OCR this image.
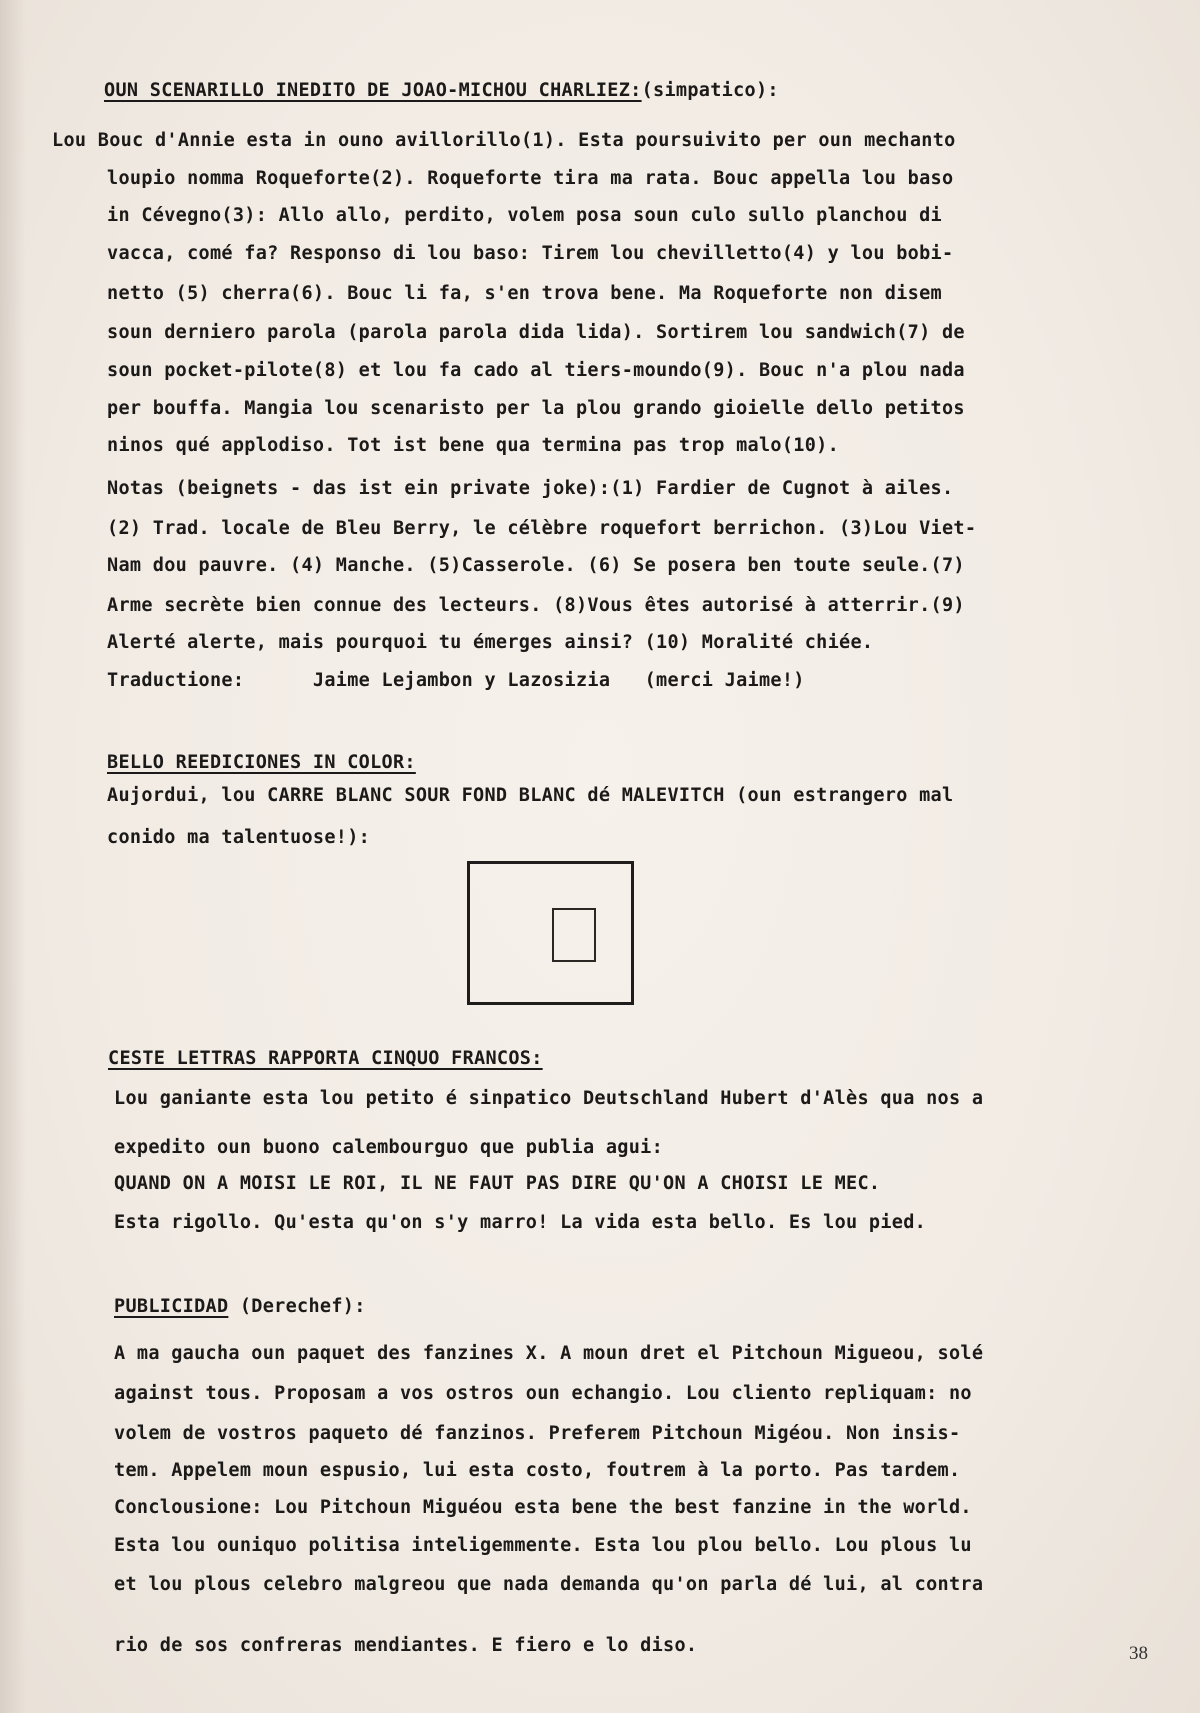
OUN SCENARILLO INEDITO DE JOAO-MICHOU CHARLIEZ:(simpatico):
Lou Bouc d'Annie esta in ouno avillorillo(1). Esta poursuivito per oun mechanto
loupio nomma Roqueforte(2). Roqueforte tira ma rata. Bouc appella lou baso
in Cévegno(3): Allo allo, perdito, volem posa soun culo sullo planchou di
vacca, comé fa? Responso di lou baso: Tirem lou chevilletto(4) y lou bobi-
netto (5) cherra(6). Bouc li fa, s'en trova bene. Ma Roqueforte non disem
soun derniero parola (parola parola dida lida). Sortirem lou sandwich(7) de
soun pocket-pilote(8) et lou fa cado al tiers-moundo(9). Bouc n'a plou nada
per bouffa. Mangia lou scenaristo per la plou grando gioielle dello petitos
ninos qué applodiso. Tot ist bene qua termina pas trop malo(10).
Notas (beignets - das ist ein private joke):(1) Fardier de Cugnot à ailes.
(2) Trad. locale de Bleu Berry, le célèbre roquefort berrichon. (3)Lou Viet-
Nam dou pauvre. (4) Manche. (5)Casserole. (6) Se posera ben toute seule.(7)
Arme secrète bien connue des lecteurs. (8)Vous êtes autorisé à atterrir.(9)
Alerté alerte, mais pourquoi tu émerges ainsi? (10) Moralité chiée.
Traductione:      Jaime Lejambon y Lazosizia   (merci Jaime!)
BELLO REEDICIONES IN COLOR:
Aujordui, lou CARRE BLANC SOUR FOND BLANC dé MALEVITCH (oun estrangero mal
conido ma talentuose!):
CESTE LETTRAS RAPPORTA CINQUO FRANCOS:
Lou ganiante esta lou petito é sinpatico Deutschland Hubert d'Alès qua nos a
expedito oun buono calembourguo que publia agui:
QUAND ON A MOISI LE ROI, IL NE FAUT PAS DIRE QU'ON A CHOISI LE MEC.
Esta rigollo. Qu'esta qu'on s'y marro! La vida esta bello. Es lou pied.
PUBLICIDAD (Derechef):
A ma gaucha oun paquet des fanzines X. A moun dret el Pitchoun Migueou, solé
against tous. Proposam a vos ostros oun echangio. Lou cliento repliquam: no
volem de vostros paqueto dé fanzinos. Preferem Pitchoun Migéou. Non insis-
tem. Appelem moun espusio, lui esta costo, foutrem à la porto. Pas tardem.
Conclousione: Lou Pitchoun Miguéou esta bene the best fanzine in the world.
Esta lou ouniquo politisa inteligemmente. Esta lou plou bello. Lou plous lu
et lou plous celebro malgreou que nada demanda qu'on parla dé lui, al contra
rio de sos confreras mendiantes. E fiero e lo diso.	38
